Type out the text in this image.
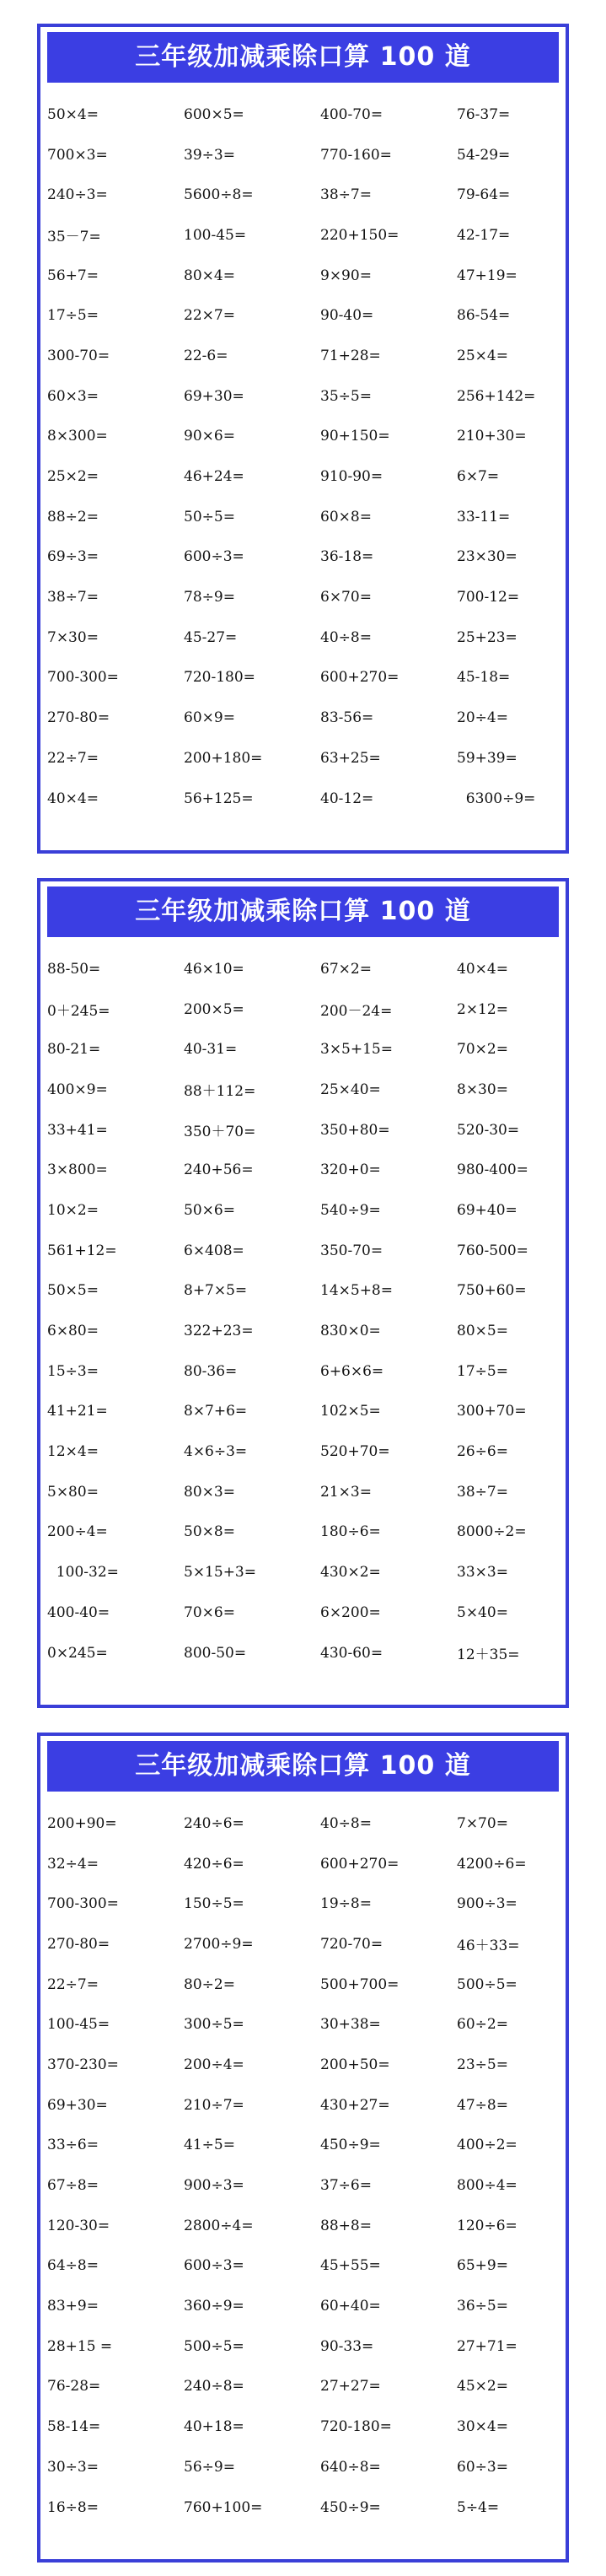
三年级加减乘除口算 100 道
50×4=	600×5=	400-70=	76-37=
700×3=	39÷3=	770-160=	54-29=
240÷3=	5600÷8=	38÷7=	79-64=
35－7=	100-45=	220+150=	42-17=
56+7=	80×4=	9×90=	47+19=
17÷5=	22×7=	90-40=	86-54=
300-70=	22-6=	71+28=	25×4=
60×3=	69+30=	35÷5=	256+142=
8×300=	90×6=	90+150=	210+30=
25×2=	46+24=	910-90=	6×7=
88÷2=	50÷5=	60×8=	33-11=
69÷3=	600÷3=	36-18=	23×30=
38÷7=	78÷9=	6×70=	700-12=
7×30=	45-27=	40÷8=	25+23=
700-300=	720-180=	600+270=	45-18=
270-80=	60×9=	83-56=	20÷4=
22÷7=	200+180=	63+25=	59+39=
40×4=	56+125=	40-12=	6300÷9=
三年级加减乘除口算 100 道
88-50=	46×10=	67×2=	40×4=
0＋245=	200×5=	200－24=	2×12=
80-21=	40-31=	3×5+15=	70×2=
400×9=	88＋112=	25×40=	8×30=
33+41=	350＋70=	350+80=	520-30=
3×800=	240+56=	320+0=	980-400=
10×2=	50×6=	540÷9=	69+40=
561+12=	6×408=	350-70=	760-500=
50×5=	8+7×5=	14×5+8=	750+60=
6×80=	322+23=	830×0=	80×5=
15÷3=	80-36=	6+6×6=	17÷5=
41+21=	8×7+6=	102×5=	300+70=
12×4=	4×6÷3=	520+70=	26÷6=
5×80=	80×3=	21×3=	38÷7=
200÷4=	50×8=	180÷6=	8000÷2=
100-32=	5×15+3=	430×2=	33×3=
400-40=	70×6=	6×200=	5×40=
0×245=	800-50=	430-60=	12＋35=
三年级加减乘除口算 100 道
200+90=	240÷6=	40÷8=	7×70=
32÷4=	420÷6=	600+270=	4200÷6=
700-300=	150÷5=	19÷8=	900÷3=
270-80=	2700÷9=	720-70=	46＋33=
22÷7=	80÷2=	500+700=	500÷5=
100-45=	300÷5=	30+38=	60÷2=
370-230=	200÷4=	200+50=	23÷5=
69+30=	210÷7=	430+27=	47÷8=
33÷6=	41÷5=	450÷9=	400÷2=
67÷8=	900÷3=	37÷6=	800÷4=
120-30=	2800÷4=	88+8=	120÷6=
64÷8=	600÷3=	45+55=	65+9=
83+9=	360÷9=	60+40=	36÷5=
28+15 =	500÷5=	90-33=	27+71=
76-28=	240÷8=	27+27=	45×2=
58-14=	40+18=	720-180=	30×4=
30÷3=	56÷9=	640÷8=	60÷3=
16÷8=	760+100=	450÷9=	5÷4=
